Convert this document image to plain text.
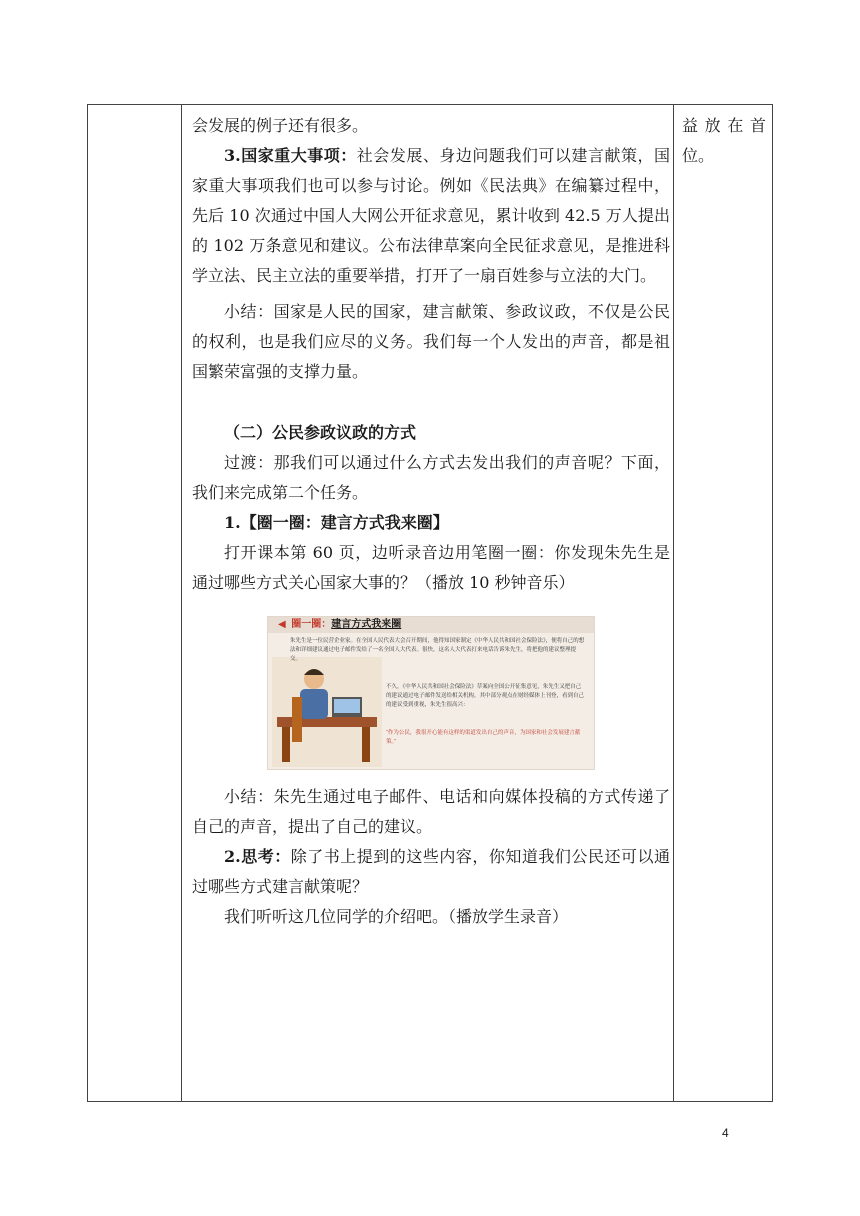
会发展的例子还有很多。

3.国家重大事项：社会发展、身边问题我们可以建言献策，国家重大事项我们也可以参与讨论。例如《民法典》在编纂过程中，先后 10 次通过中国人大网公开征求意见，累计收到 42.5 万人提出的 102 万条意见和建议。公布法律草案向全民征求意见，是推进科学立法、民主立法的重要举措，打开了一扇百姓参与立法的大门。

小结：国家是人民的国家，建言献策、参政议政，不仅是公民的权利，也是我们应尽的义务。我们每一个人发出的声音，都是祖国繁荣富强的支撑力量。

（二）公民参政议政的方式

过渡：那我们可以通过什么方式去发出我们的声音呢？下面，我们来完成第二个任务。

1.【圈一圈：建言方式我来圈】

打开课本第 60 页，边听录音边用笔圈一圈：你发现朱先生是通过哪些方式关心国家大事的？（播放 10 秒钟音乐）

◀  圈一圈：建言方式我来圈
朱先生是一位民营企业家。在全国人民代表大会召开期间，他得知国家制定《中华人民共和国社会保险法》，便将自己的想法和详细建议通过电子邮件发给了一名全国人大代表。很快，这名人大代表打来电话告诉朱先生，将把他的建议整理提交。
不久，《中华人民共和国社会保险法》草案向全国公开征集意见，朱先生又把自己的建议通过电子邮件发送给相关机构。其中部分观点在财经媒体上刊登，看到自己的建议受到重视，朱先生很高兴：
“作为公民，我很开心能有这样的渠道发出自己的声音，为国家和社会发展建言献策。”

小结：朱先生通过电子邮件、电话和向媒体投稿的方式传递了自己的声音，提出了自己的建议。

2.思考：除了书上提到的这些内容，你知道我们公民还可以通过哪些方式建言献策呢？

我们听听这几位同学的介绍吧。（播放学生录音）

益放在首位。
4
